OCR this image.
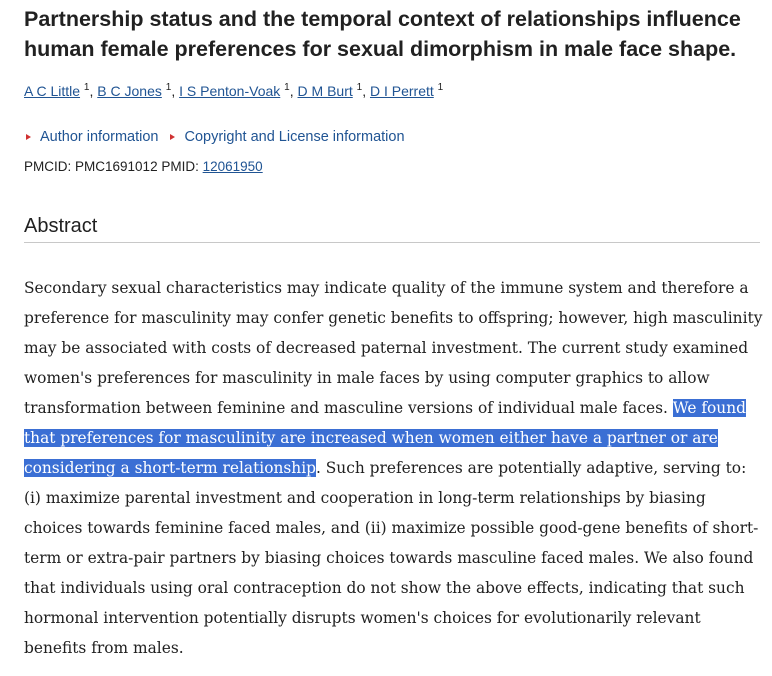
Partnership status and the temporal context of relationships influence human female preferences for sexual dimorphism in male face shape.
A C Little $^1$, B C Jones $^1$, I S Penton-Voak $^1$, D M Burt $^1$, D I Perrett $^1$
Author information	Copyright and License information
PMCID: PMC1691012 PMID: 12061950
Abstract

Secondary sexual characteristics may indicate quality of the immune system and therefore a preference for masculinity may confer genetic benefits to offspring; however, high masculinity may be associated with costs of decreased paternal investment. The current study examined women's preferences for masculinity in male faces by using computer graphics to allow transformation between feminine and masculine versions of individual male faces. We found that preferences for masculinity are increased when women either have a partner or are considering a short-term relationship. Such preferences are potentially adaptive, serving to: (i) maximize parental investment and cooperation in long-term relationships by biasing choices towards feminine faced males, and (ii) maximize possible good-gene benefits of short-term or extra-pair partners by biasing choices towards masculine faced males. We also found that individuals using oral contraception do not show the above effects, indicating that such hormonal intervention potentially disrupts women's choices for evolutionarily relevant benefits from males.
